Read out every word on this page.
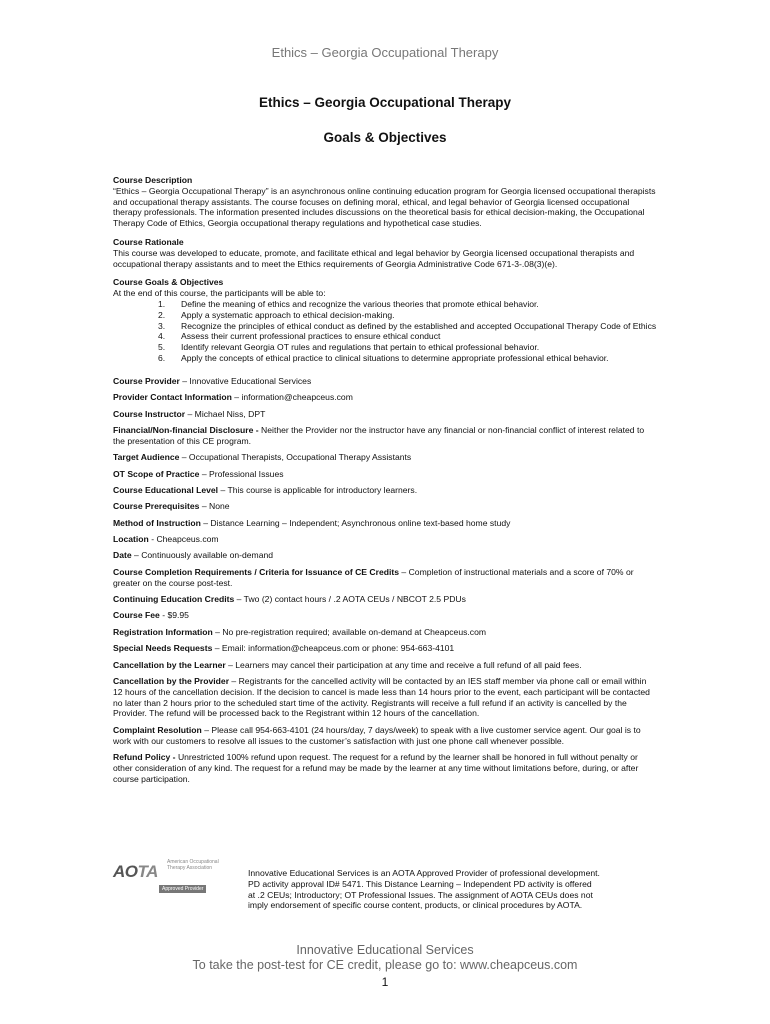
Ethics – Georgia Occupational Therapy
Ethics – Georgia Occupational Therapy
Goals & Objectives
Course Description

“Ethics – Georgia Occupational Therapy” is an asynchronous online continuing education program for Georgia licensed occupational therapists and occupational therapy assistants. The course focuses on defining moral, ethical, and legal behavior of Georgia licensed occupational therapy professionals. The information presented includes discussions on the theoretical basis for ethical decision-making, the Occupational Therapy Code of Ethics, Georgia occupational therapy regulations and hypothetical case studies.

Course Rationale

This course was developed to educate, promote, and facilitate ethical and legal behavior by Georgia licensed occupational therapists and occupational therapy assistants and to meet the Ethics requirements of Georgia Administrative Code 671-3-.08(3)(e).

Course Goals & Objectives
At the end of this course, the participants will be able to:
1. Define the meaning of ethics and recognize the various theories that promote ethical behavior.
2. Apply a systematic approach to ethical decision-making.
3. Recognize the principles of ethical conduct as defined by the established and accepted Occupational Therapy Code of Ethics
4. Assess their current professional practices to ensure ethical conduct
5. Identify relevant Georgia OT rules and regulations that pertain to ethical professional behavior.
6. Apply the concepts of ethical practice to clinical situations to determine appropriate professional ethical behavior.

Course Provider – Innovative Educational Services

Provider Contact Information – information@cheapceus.com

Course Instructor – Michael Niss, DPT

Financial/Non-financial Disclosure - Neither the Provider nor the instructor have any financial or non-financial conflict of interest related to the presentation of this CE program.

Target Audience – Occupational Therapists, Occupational Therapy Assistants

OT Scope of Practice – Professional Issues

Course Educational Level – This course is applicable for introductory learners.

Course Prerequisites – None

Method of Instruction – Distance Learning – Independent; Asynchronous online text-based home study

Location - Cheapceus.com

Date – Continuously available on-demand

Course Completion Requirements / Criteria for Issuance of CE Credits – Completion of instructional materials and a score of 70% or greater on the course post-test.

Continuing Education Credits – Two (2) contact hours / .2 AOTA CEUs / NBCOT 2.5 PDUs

Course Fee - $9.95

Registration Information – No pre-registration required; available on-demand at Cheapceus.com

Special Needs Requests – Email: information@cheapceus.com or phone: 954-663-4101

Cancellation by the Learner – Learners may cancel their participation at any time and receive a full refund of all paid fees.

Cancellation by the Provider – Registrants for the cancelled activity will be contacted by an IES staff member via phone call or email within 12 hours of the cancellation decision. If the decision to cancel is made less than 14 hours prior to the event, each participant will be contacted no later than 2 hours prior to the scheduled start time of the activity. Registrants will receive a full refund if an activity is cancelled by the Provider. The refund will be processed back to the Registrant within 12 hours of the cancellation.

Complaint Resolution – Please call 954-663-4101 (24 hours/day, 7 days/week) to speak with a live customer service agent. Our goal is to work with our customers to resolve all issues to the customer’s satisfaction with just one phone call whenever possible.

Refund Policy - Unrestricted 100% refund upon request. The request for a refund by the learner shall be honored in full without penalty or other consideration of any kind. The request for a refund may be made by the learner at any time without limitations before, during, or after course participation.

AOTA American Occupational Therapy Association
Approved Provider
Innovative Educational Services is an AOTA Approved Provider of professional development. PD activity approval ID# 5471. This Distance Learning – Independent PD activity is offered at .2 CEUs; Introductory; OT Professional Issues. The assignment of AOTA CEUs does not imply endorsement of specific course content, products, or clinical procedures by AOTA.
Innovative Educational Services
To take the post-test for CE credit, please go to: www.cheapceus.com
1
